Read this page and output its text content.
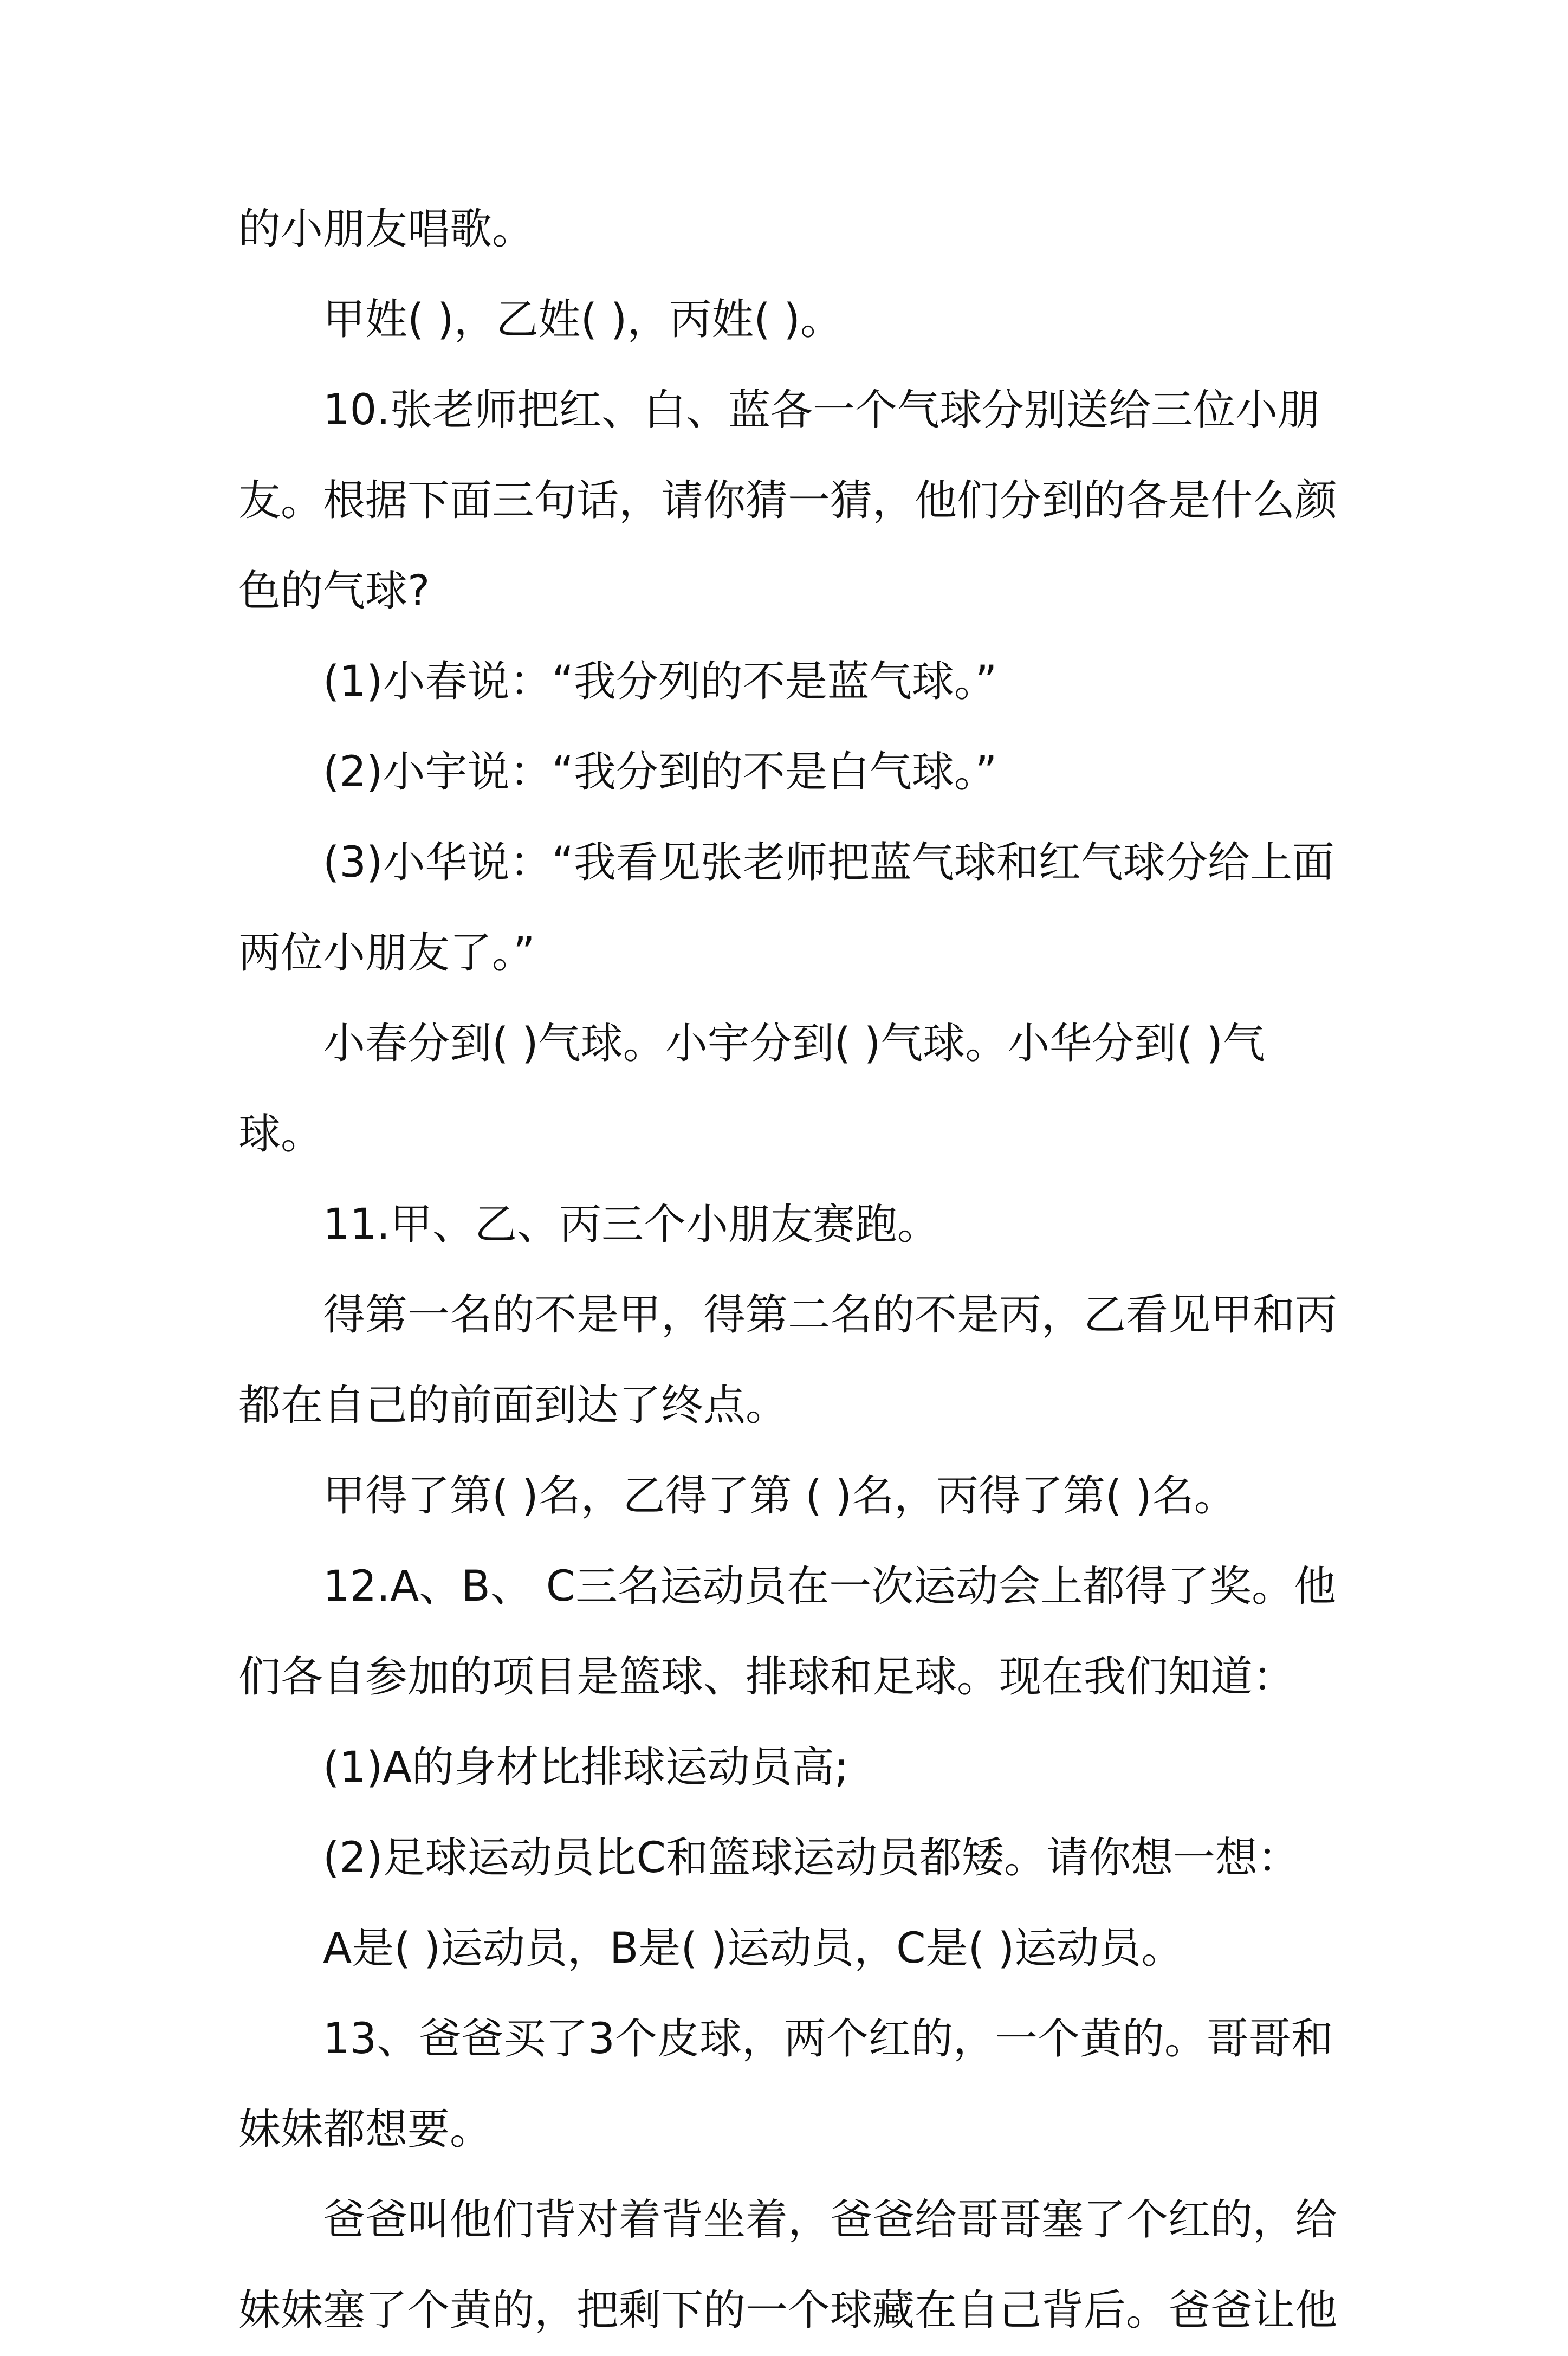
的小朋友唱歌。
甲姓( )，乙姓( )，丙姓( )。
10.张老师把红、白、蓝各一个气球分别送给三位小朋
友。根据下面三句话，请你猜一猜，他们分到的各是什么颜
色的气球?
(1)小春说：“我分列的不是蓝气球。”
(2)小宇说：“我分到的不是白气球。”
(3)小华说：“我看见张老师把蓝气球和红气球分给上面
两位小朋友了。”
小春分到( )气球。小宇分到( )气球。小华分到( )气
球。
11.甲、乙、丙三个小朋友赛跑。
得第一名的不是甲，得第二名的不是丙，乙看见甲和丙
都在自己的前面到达了终点。
甲得了第( )名，乙得了第 ( )名，丙得了第( )名。
12.A、B、 C三名运动员在一次运动会上都得了奖。他
们各自参加的项目是篮球、排球和足球。现在我们知道：
(1)A的身材比排球运动员高;
(2)足球运动员比C和篮球运动员都矮。请你想一想：
A是( )运动员，B是( )运动员，C是( )运动员。
13、爸爸买了3个皮球，两个红的，一个黄的。哥哥和
妹妹都想要。
爸爸叫他们背对着背坐着，爸爸给哥哥塞了个红的，给
妹妹塞了个黄的，把剩下的一个球藏在自己背后。爸爸让他
